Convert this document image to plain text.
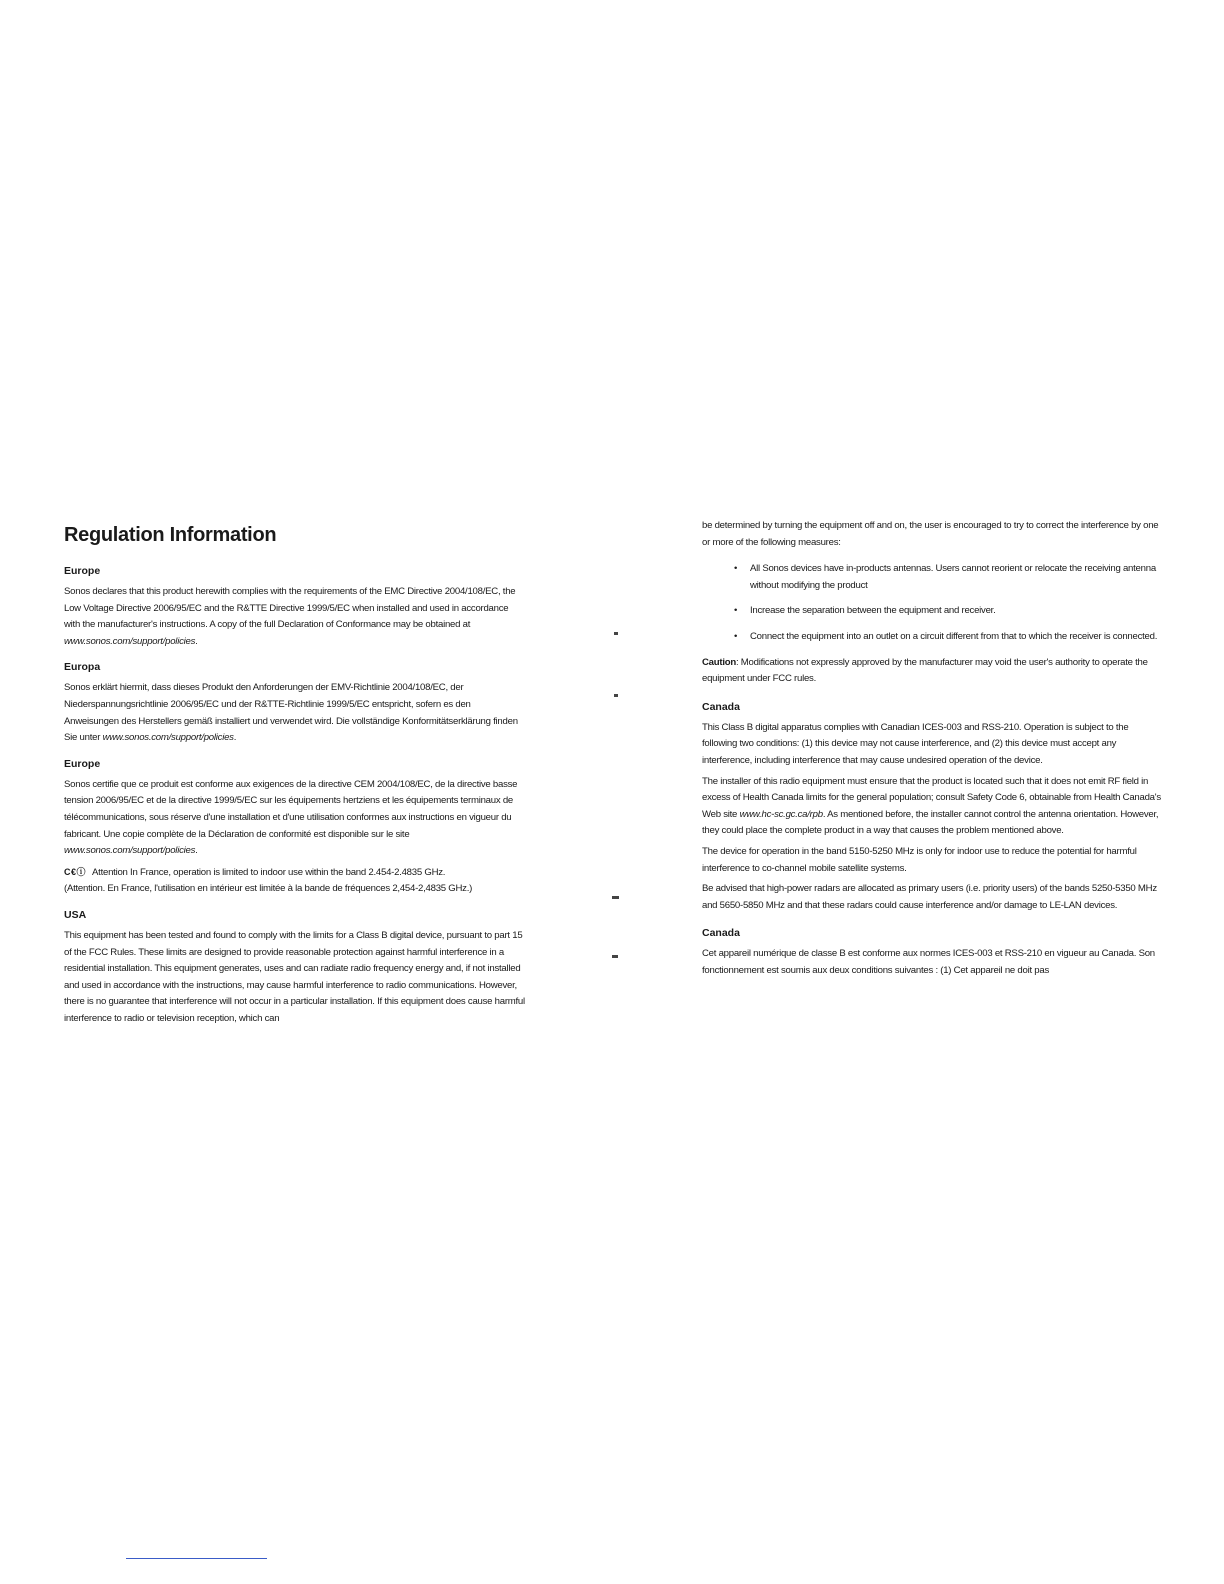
Regulation Information
Europe

Sonos declares that this product herewith complies with the requirements of the EMC Directive 2004/108/EC, the Low Voltage Directive 2006/95/EC and the R&TTE Directive 1999/5/EC when installed and used in accordance with the manufacturer's instructions. A copy of the full Declaration of Conformance may be obtained at www.sonos.com/support/policies.

Europa

Sonos erklärt hiermit, dass dieses Produkt den Anforderungen der EMV-Richtlinie 2004/108/EC, der Niederspannungsrichtlinie 2006/95/EC und der R&TTE-Richtlinie 1999/5/EC entspricht, sofern es den Anweisungen des Herstellers gemäß installiert und verwendet wird. Die vollständige Konformitätserklärung finden Sie unter www.sonos.com/support/policies.

Europe

Sonos certifie que ce produit est conforme aux exigences de la directive CEM 2004/108/EC, de la directive basse tension 2006/95/EC et de la directive 1999/5/EC sur les équipements hertziens et les équipements terminaux de télécommunications, sous réserve d'une installation et d'une utilisation conformes aux instructions en vigueur du fabricant. Une copie complète de la Déclaration de conformité est disponible sur le site www.sonos.com/support/policies.

C€ⓘ Attention In France, operation is limited to indoor use within the band 2.454-2.4835 GHz.
(Attention. En France, l'utilisation en intérieur est limitée à la bande de fréquences 2,454-2,4835 GHz.)

USA

This equipment has been tested and found to comply with the limits for a Class B digital device, pursuant to part 15 of the FCC Rules. These limits are designed to provide reasonable protection against harmful interference in a residential installation. This equipment generates, uses and can radiate radio frequency energy and, if not installed and used in accordance with the instructions, may cause harmful interference to radio communications. However, there is no guarantee that interference will not occur in a particular installation. If this equipment does cause harmful interference to radio or television reception, which can

be determined by turning the equipment off and on, the user is encouraged to try to correct the interference by one or more of the following measures:

• All Sonos devices have in-products antennas. Users cannot reorient or relocate the receiving antenna without modifying the product
• Increase the separation between the equipment and receiver.
• Connect the equipment into an outlet on a circuit different from that to which the receiver is connected.

Caution: Modifications not expressly approved by the manufacturer may void the user's authority to operate the equipment under FCC rules.

Canada

This Class B digital apparatus complies with Canadian ICES-003 and RSS-210. Operation is subject to the following two conditions: (1) this device may not cause interference, and (2) this device must accept any interference, including interference that may cause undesired operation of the device.

The installer of this radio equipment must ensure that the product is located such that it does not emit RF field in excess of Health Canada limits for the general population; consult Safety Code 6, obtainable from Health Canada's Web site www.hc-sc.gc.ca/rpb. As mentioned before, the installer cannot control the antenna orientation. However, they could place the complete product in a way that causes the problem mentioned above.

The device for operation in the band 5150-5250 MHz is only for indoor use to reduce the potential for harmful interference to co-channel mobile satellite systems.

Be advised that high-power radars are allocated as primary users (i.e. priority users) of the bands 5250-5350 MHz and 5650-5850 MHz and that these radars could cause interference and/or damage to LE-LAN devices.

Canada

Cet appareil numérique de classe B est conforme aux normes ICES-003 et RSS-210 en vigueur au Canada. Son fonctionnement est soumis aux deux conditions suivantes : (1) Cet appareil ne doit pas
